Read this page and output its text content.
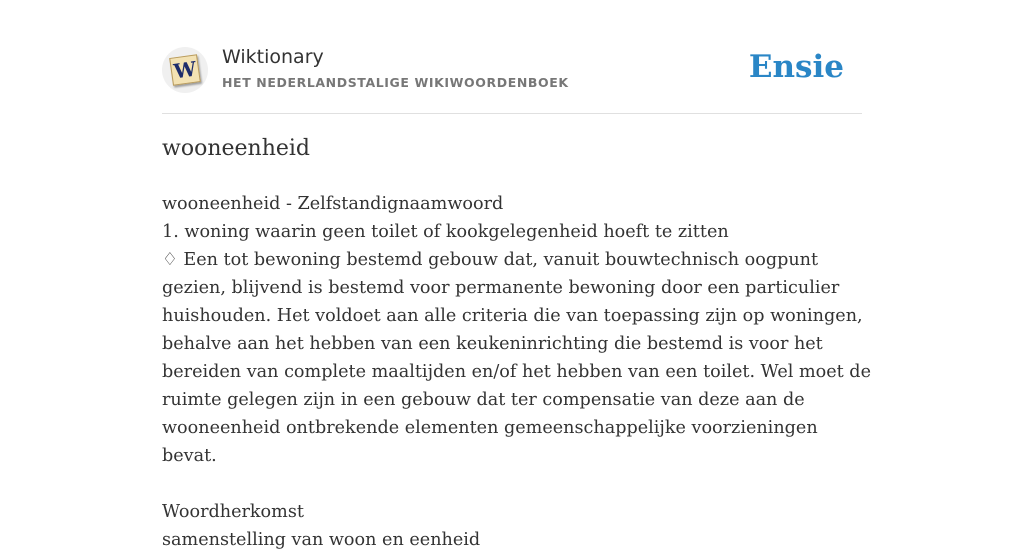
W Wiktionary
HET NEDERLANDSTALIGE WIKIWOORDENBOEK	Ensie
wooneenheid
wooneenheid - Zelfstandignaamwoord
1. woning waarin geen toilet of kookgelegenheid hoeft te zitten
♢ Een tot bewoning bestemd gebouw dat, vanuit bouwtechnisch oogpunt gezien, blijvend is bestemd voor permanente bewoning door een particulier huishouden. Het voldoet aan alle criteria die van toepassing zijn op woningen, behalve aan het hebben van een keukeninrichting die bestemd is voor het bereiden van complete maaltijden en/of het hebben van een toilet. Wel moet de ruimte gelegen zijn in een gebouw dat ter compensatie van deze aan de wooneenheid ontbrekende elementen gemeenschappelijke voorzieningen bevat.
Woordherkomst
samenstelling van woon en eenheid
